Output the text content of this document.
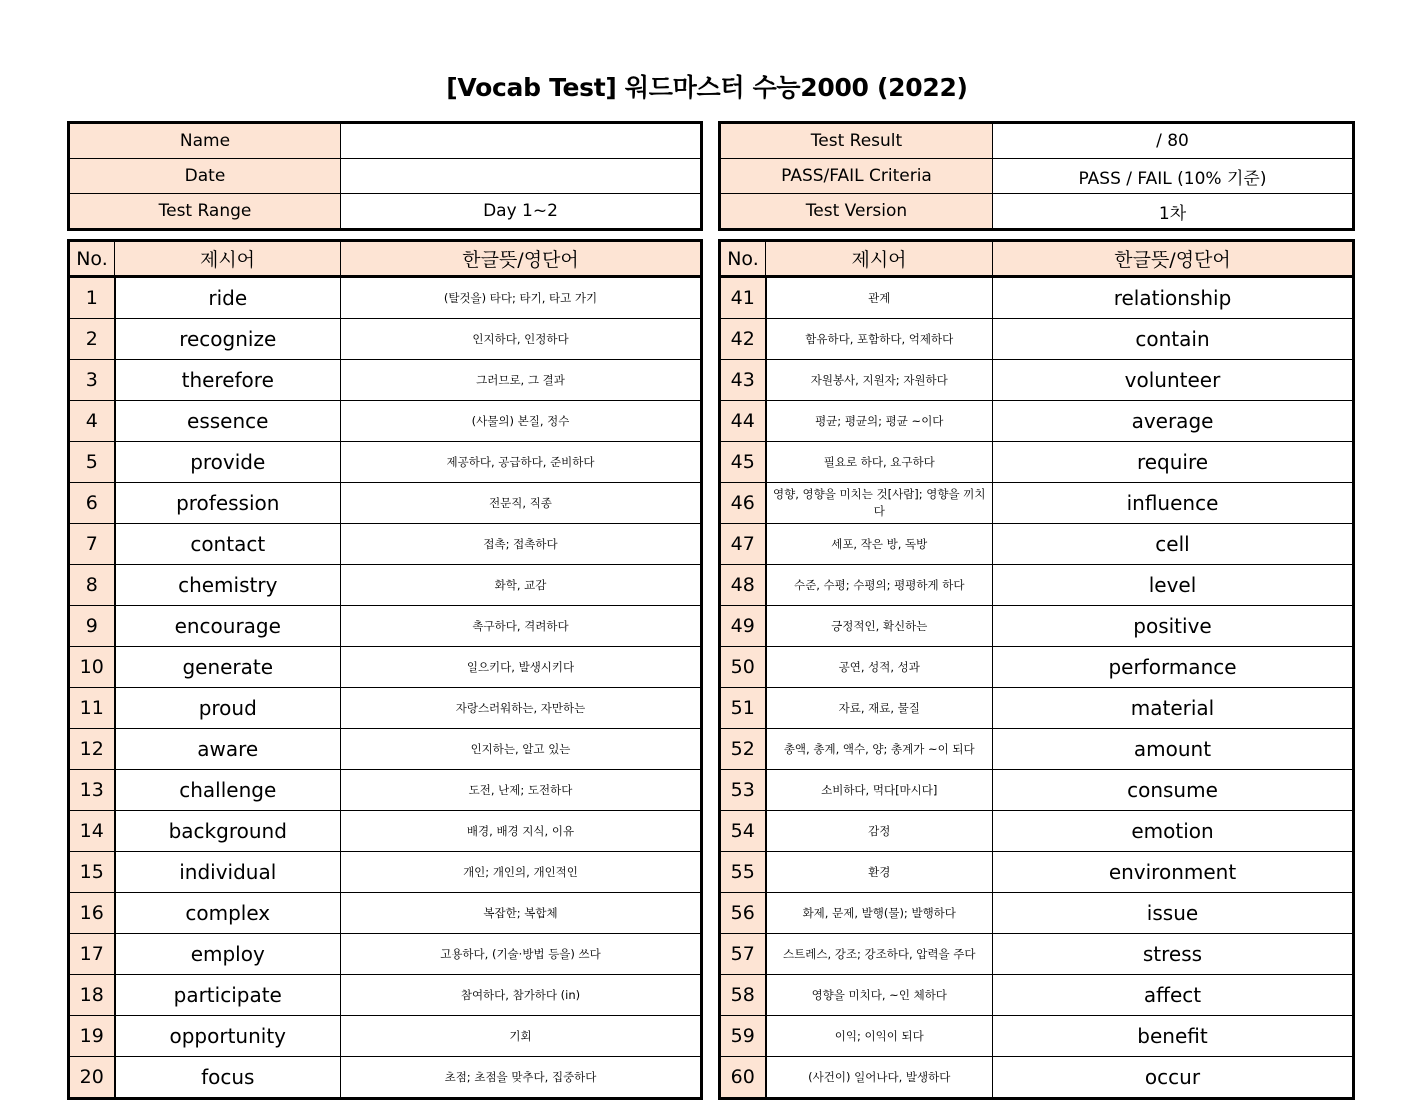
[Vocab Test] 워드마스터 수능2000 (2022)
Name	
Date	
Test Range	Day 1~2
Test Result	/ 80
PASS/FAIL Criteria	PASS / FAIL (10% 기준)
Test Version	1차
No.	제시어	한글뜻/영단어
1	ride	(탈것을) 타다; 타기, 타고 가기
2	recognize	인지하다, 인정하다
3	therefore	그러므로, 그 결과
4	essence	(사물의) 본질, 정수
5	provide	제공하다, 공급하다, 준비하다
6	profession	전문직, 직종
7	contact	접촉; 접촉하다
8	chemistry	화학, 교감
9	encourage	촉구하다, 격려하다
10	generate	일으키다, 발생시키다
11	proud	자랑스러워하는, 자만하는
12	aware	인지하는, 알고 있는
13	challenge	도전, 난제; 도전하다
14	background	배경, 배경 지식, 이유
15	individual	개인; 개인의, 개인적인
16	complex	복잡한; 복합체
17	employ	고용하다, (기술·방법 등을) 쓰다
18	participate	참여하다, 참가하다 (in)
19	opportunity	기회
20	focus	초점; 초점을 맞추다, 집중하다
No.	제시어	한글뜻/영단어
41	관계	relationship
42	함유하다, 포함하다, 억제하다	contain
43	자원봉사, 지원자; 자원하다	volunteer
44	평균; 평균의; 평균 ~이다	average
45	필요로 하다, 요구하다	require
46	영향, 영향을 미치는 것[사람]; 영향을 끼치다	influence
47	세포, 작은 방, 독방	cell
48	수준, 수평; 수평의; 평평하게 하다	level
49	긍정적인, 확신하는	positive
50	공연, 성적, 성과	performance
51	자료, 재료, 물질	material
52	총액, 총계, 액수, 양; 총계가 ~이 되다	amount
53	소비하다, 먹다[마시다]	consume
54	감정	emotion
55	환경	environment
56	화제, 문제, 발행(물); 발행하다	issue
57	스트레스, 강조; 강조하다, 압력을 주다	stress
58	영향을 미치다, ~인 체하다	affect
59	이익; 이익이 되다	benefit
60	(사건이) 일어나다, 발생하다	occur
